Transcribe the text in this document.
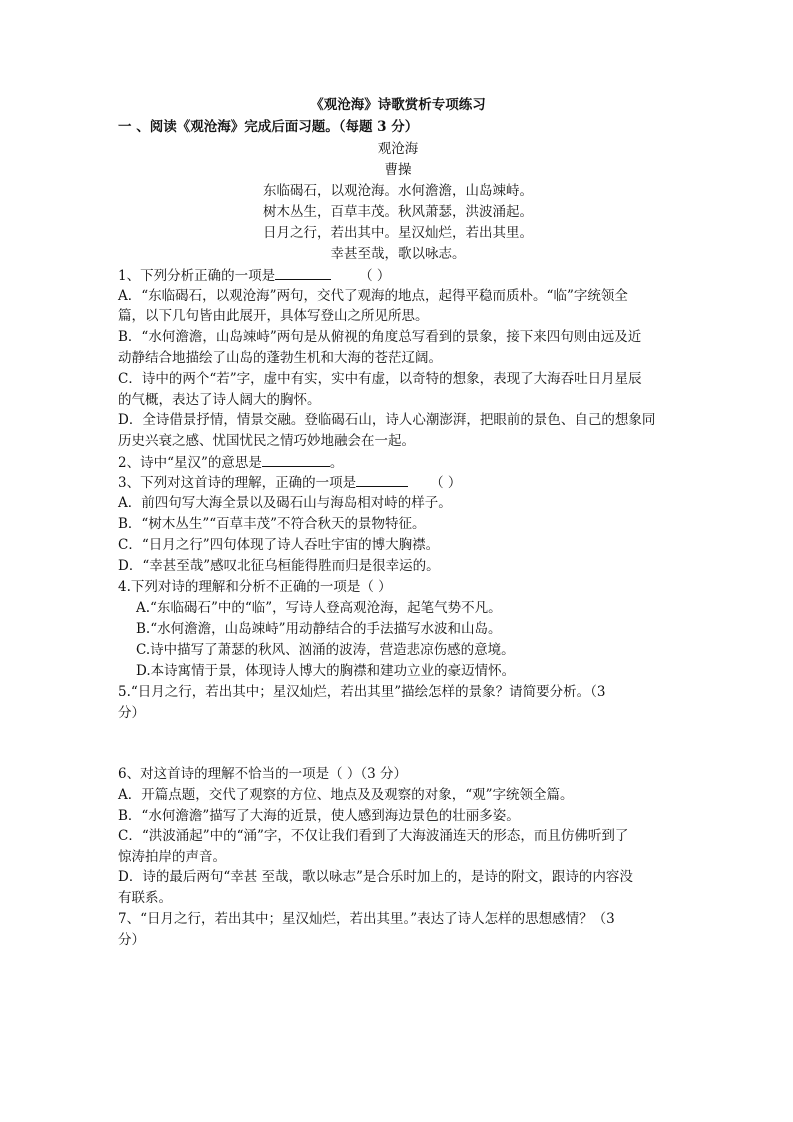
《观沧海》诗歌赏析专项练习
一 、阅读《观沧海》完成后面习题。（每题 3 分）
观沧海
曹操
东临碣石，以观沧海。水何澹澹，山岛竦峙。
树木丛生，百草丰茂。秋风萧瑟，洪波涌起。
日月之行，若出其中。星汉灿烂，若出其里。
幸甚至哉，歌以咏志。
1、下列分析正确的一项是	（ ）
A．“东临碣石，以观沧海”两句，交代了观海的地点，起得平稳而质朴。“临”字统领全
篇，以下几句皆由此展开，具体写登山之所见所思。
B．“水何澹澹，山岛竦峙”两句是从俯视的角度总写看到的景象，接下来四句则由远及近
动静结合地描绘了山岛的蓬勃生机和大海的苍茫辽阔。
C．诗中的两个“若”字，虚中有实，实中有虚，以奇特的想象，表现了大海吞吐日月星辰
的气概，表达了诗人阔大的胸怀。
D．全诗借景抒情，情景交融。登临碣石山，诗人心潮澎湃，把眼前的景色、自己的想象同
历史兴衰之感、忧国忧民之情巧妙地融会在一起。
2、诗中“星汉”的意思是	。
3、下列对这首诗的理解，正确的一项是	（ ）
A．前四句写大海全景以及碣石山与海岛相对峙的样子。
B．“树木丛生”“百草丰茂”不符合秋天的景物特征。
C．“日月之行”四句体现了诗人吞吐宇宙的博大胸襟。
D．“幸甚至哉”感叹北征乌桓能得胜而归是很幸运的。
4.下列对诗的理解和分析不正确的一项是（ ）
A.“东临碣石”中的“临”，写诗人登高观沧海，起笔气势不凡。
B.“水何澹澹，山岛竦峙”用动静结合的手法描写水波和山岛。
C.诗中描写了萧瑟的秋风、汹涌的波涛，营造悲凉伤感的意境。
D.本诗寓情于景，体现诗人博大的胸襟和建功立业的豪迈情怀。
5.“日月之行，若出其中；星汉灿烂，若出其里”描绘怎样的景象？请简要分析。（3
分）
6、对这首诗的理解不恰当的一项是（ ）（3 分）
A．开篇点题，交代了观察的方位、地点及及观察的对象，“观”字统领全篇。
B．“水何澹澹”描写了大海的近景，使人感到海边景色的壮丽多姿。
C．“洪波涌起”中的“涌”字，不仅让我们看到了大海波涌连天的形态，而且仿佛听到了
惊涛拍岸的声音。
D．诗的最后两句“幸甚 至哉，歌以咏志”是合乐时加上的，是诗的附文，跟诗的内容没
有联系。
7、“日月之行，若出其中；星汉灿烂，若出其里。”表达了诗人怎样的思想感情？（3
分）
